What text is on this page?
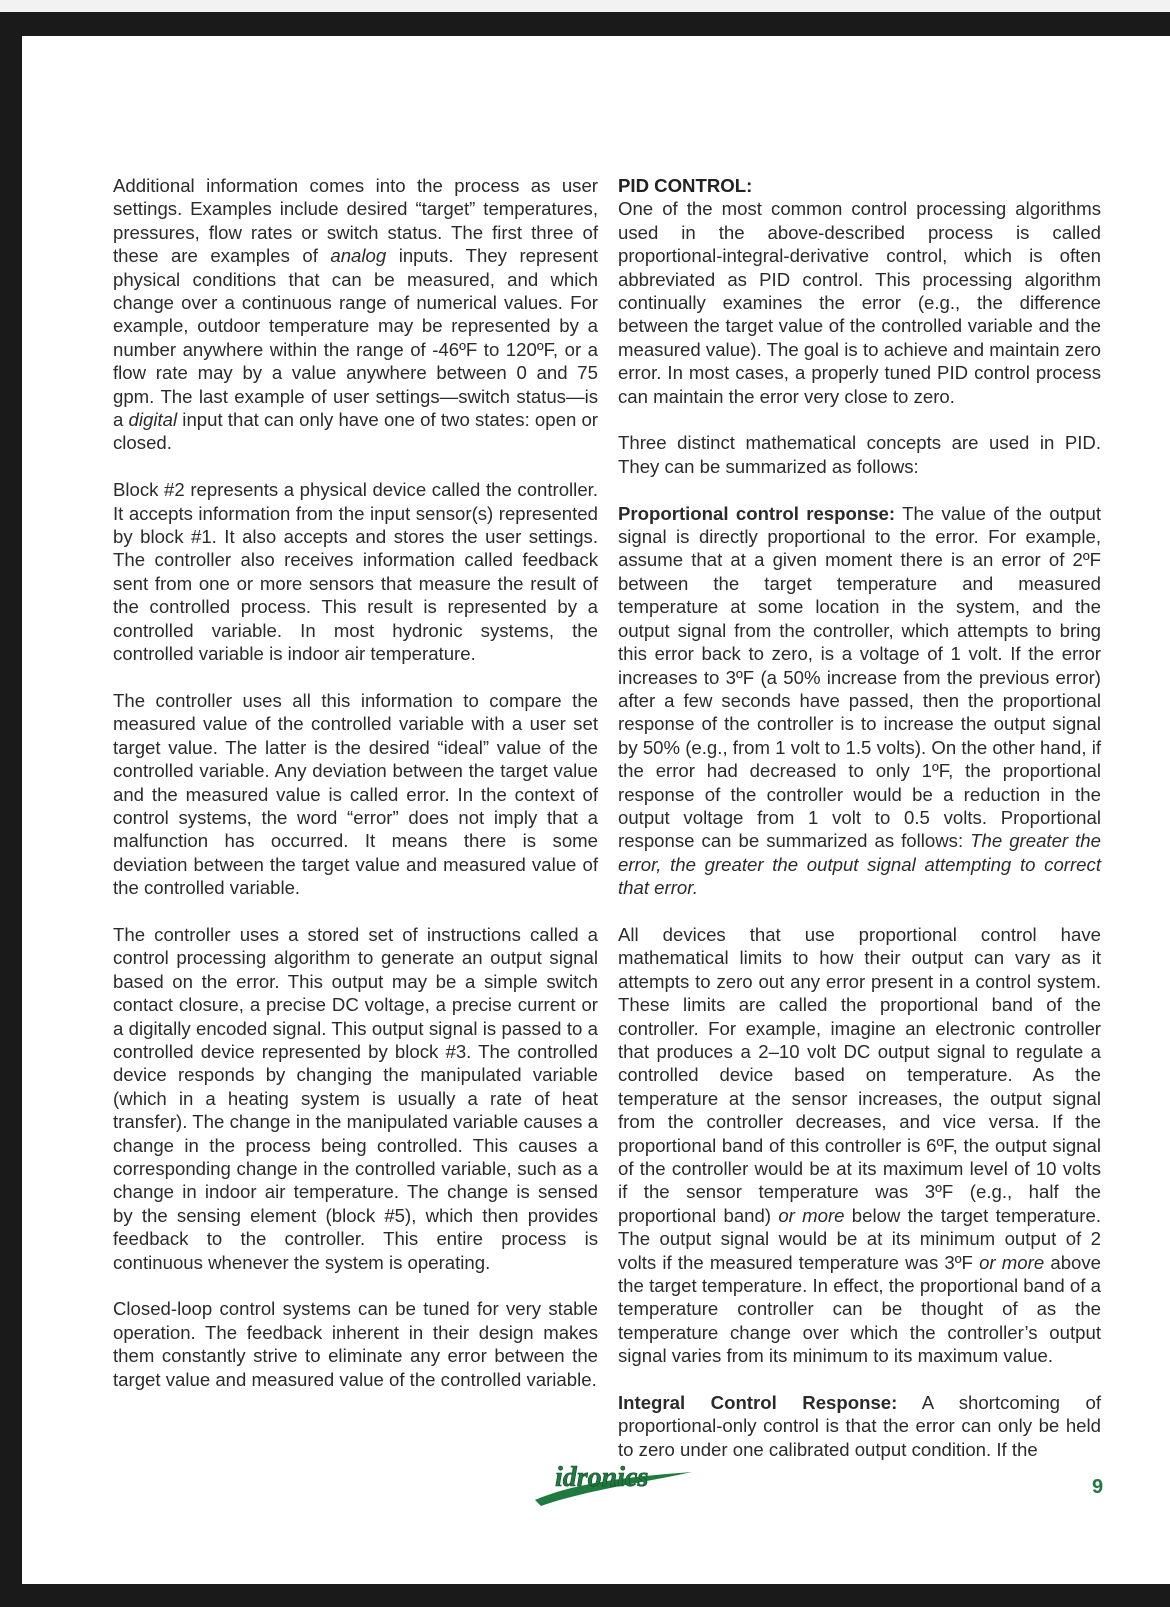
Additional information comes into the process as user settings. Examples include desired “target” temperatures, pressures, flow rates or switch status. The first three of these are examples of analog inputs. They represent physical conditions that can be measured, and which change over a continuous range of numerical values. For example, outdoor temperature may be represented by a number anywhere within the range of -46ºF to 120ºF, or a flow rate may by a value anywhere between 0 and 75 gpm. The last example of user settings—switch status—is a digital input that can only have one of two states: open or closed.

Block #2 represents a physical device called the controller. It accepts information from the input sensor(s) represented by block #1. It also accepts and stores the user settings. The controller also receives information called feedback sent from one or more sensors that measure the result of the controlled process. This result is represented by a controlled variable. In most hydronic systems, the controlled variable is indoor air temperature.

The controller uses all this information to compare the measured value of the controlled variable with a user set target value. The latter is the desired “ideal” value of the controlled variable. Any deviation between the target value and the measured value is called error. In the context of control systems, the word “error” does not imply that a malfunction has occurred. It means there is some deviation between the target value and measured value of the controlled variable.

The controller uses a stored set of instructions called a control processing algorithm to generate an output signal based on the error. This output may be a simple switch contact closure, a precise DC voltage, a precise current or a digitally encoded signal. This output signal is passed to a controlled device represented by block #3. The controlled device responds by changing the manipulated variable (which in a heating system is usually a rate of heat transfer). The change in the manipulated variable causes a change in the process being controlled. This causes a corresponding change in the controlled variable, such as a change in indoor air temperature. The change is sensed by the sensing element (block #5), which then provides feedback to the controller. This entire process is continuous whenever the system is operating.

Closed-loop control systems can be tuned for very stable operation. The feedback inherent in their design makes them constantly strive to eliminate any error between the target value and measured value of the controlled variable.

PID CONTROL:

One of the most common control processing algorithms used in the above-described process is called proportional-integral-derivative control, which is often abbreviated as PID control. This processing algorithm continually examines the error (e.g., the difference between the target value of the controlled variable and the measured value). The goal is to achieve and maintain zero error. In most cases, a properly tuned PID control process can maintain the error very close to zero.

Three distinct mathematical concepts are used in PID. They can be summarized as follows:

Proportional control response: The value of the output signal is directly proportional to the error. For example, assume that at a given moment there is an error of 2ºF between the target temperature and measured temperature at some location in the system, and the output signal from the controller, which attempts to bring this error back to zero, is a voltage of 1 volt. If the error increases to 3ºF (a 50% increase from the previous error) after a few seconds have passed, then the proportional response of the controller is to increase the output signal by 50% (e.g., from 1 volt to 1.5 volts). On the other hand, if the error had decreased to only 1ºF, the proportional response of the controller would be a reduction in the output voltage from 1 volt to 0.5 volts. Proportional response can be summarized as follows: The greater the error, the greater the output signal attempting to correct that error.

All devices that use proportional control have mathematical limits to how their output can vary as it attempts to zero out any error present in a control system. These limits are called the proportional band of the controller. For example, imagine an electronic controller that produces a 2–10 volt DC output signal to regulate a controlled device based on temperature. As the temperature at the sensor increases, the output signal from the controller decreases, and vice versa. If the proportional band of this controller is 6ºF, the output signal of the controller would be at its maximum level of 10 volts if the sensor temperature was 3ºF (e.g., half the proportional band) or more below the target temperature. The output signal would be at its minimum output of 2 volts if the measured temperature was 3ºF or more above the target temperature. In effect, the proportional band of a temperature controller can be thought of as the temperature change over which the controller’s output signal varies from its minimum to its maximum value.

Integral Control Response: A shortcoming of proportional-only control is that the error can only be held to zero under one calibrated output condition. If the

idronics	9
